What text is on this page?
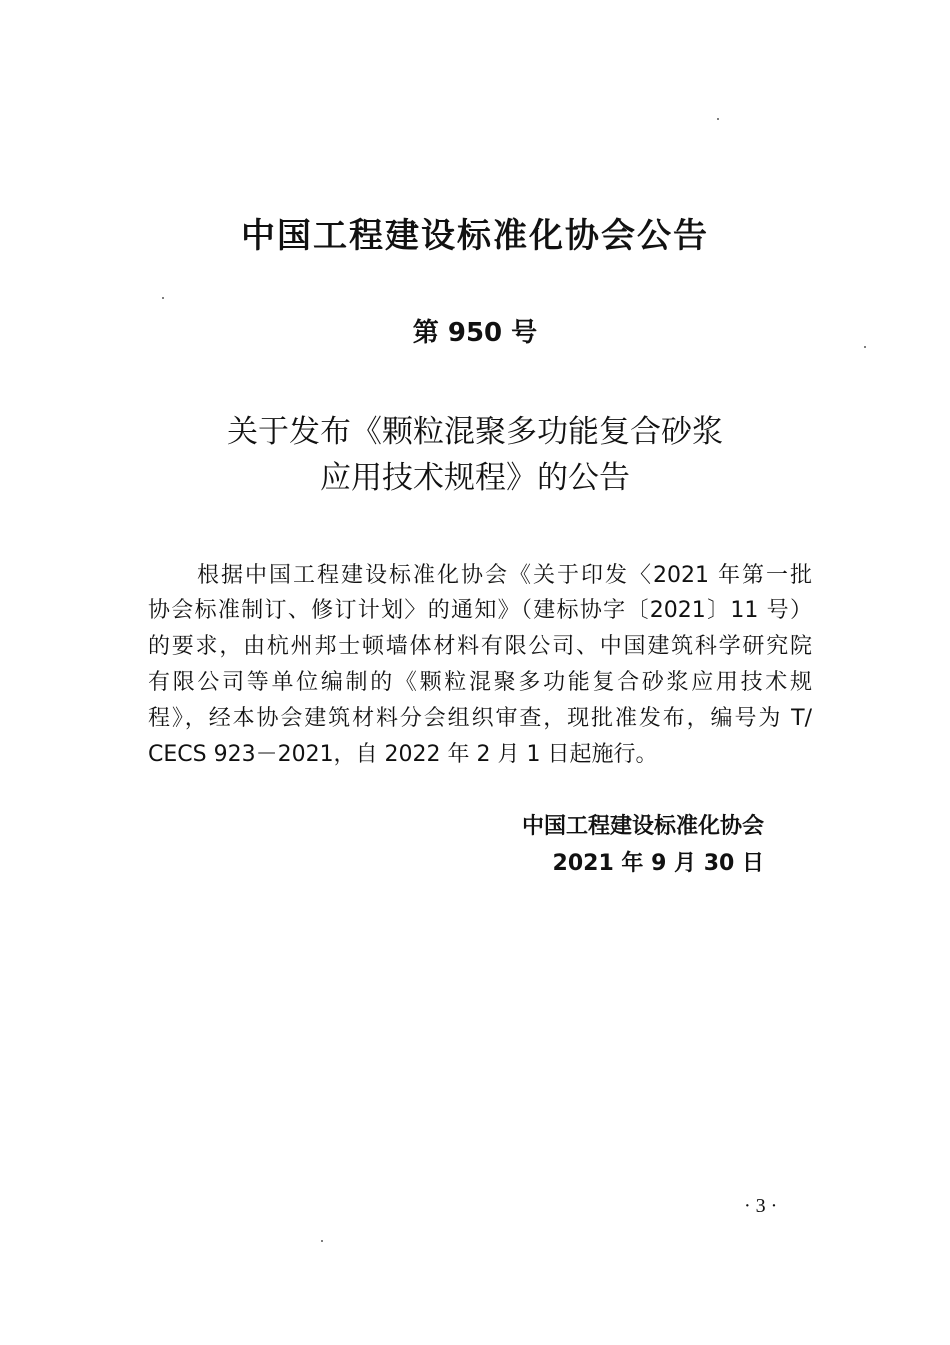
中国工程建设标准化协会公告
第 950 号
关于发布《颗粒混聚多功能复合砂浆
应用技术规程》的公告
根据中国工程建设标准化协会《关于印发〈2021 年第一批
协会标准制订、修订计划〉的通知》（建标协字〔2021〕11 号）
的要求，由杭州邦士顿墙体材料有限公司、中国建筑科学研究院
有限公司等单位编制的《颗粒混聚多功能复合砂浆应用技术规
程》，经本协会建筑材料分会组织审查，现批准发布，编号为 T/
CECS 923－2021，自 2022 年 2 月 1 日起施行。
中国工程建设标准化协会
2021 年 9 月 30 日
· 3 ·
